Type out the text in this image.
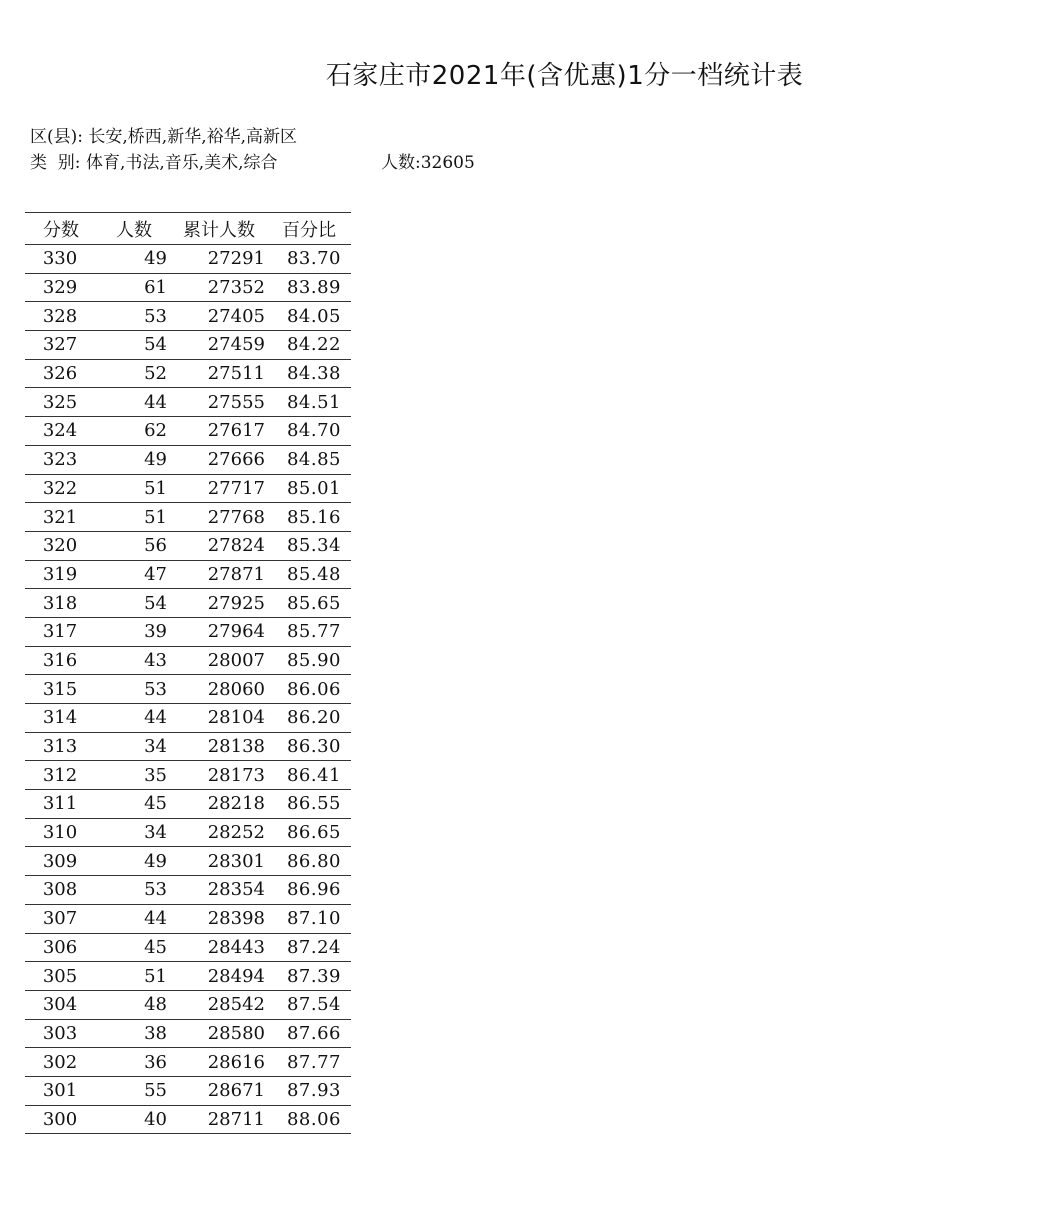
石家庄市2021年(含优惠)1分一档统计表
区(县): 长安,桥西,新华,裕华,高新区
类  别: 体育,书法,音乐,美术,综合	人数:32605
分数	人数	累计人数	百分比
330	49	27291	83.70
329	61	27352	83.89
328	53	27405	84.05
327	54	27459	84.22
326	52	27511	84.38
325	44	27555	84.51
324	62	27617	84.70
323	49	27666	84.85
322	51	27717	85.01
321	51	27768	85.16
320	56	27824	85.34
319	47	27871	85.48
318	54	27925	85.65
317	39	27964	85.77
316	43	28007	85.90
315	53	28060	86.06
314	44	28104	86.20
313	34	28138	86.30
312	35	28173	86.41
311	45	28218	86.55
310	34	28252	86.65
309	49	28301	86.80
308	53	28354	86.96
307	44	28398	87.10
306	45	28443	87.24
305	51	28494	87.39
304	48	28542	87.54
303	38	28580	87.66
302	36	28616	87.77
301	55	28671	87.93
300	40	28711	88.06
